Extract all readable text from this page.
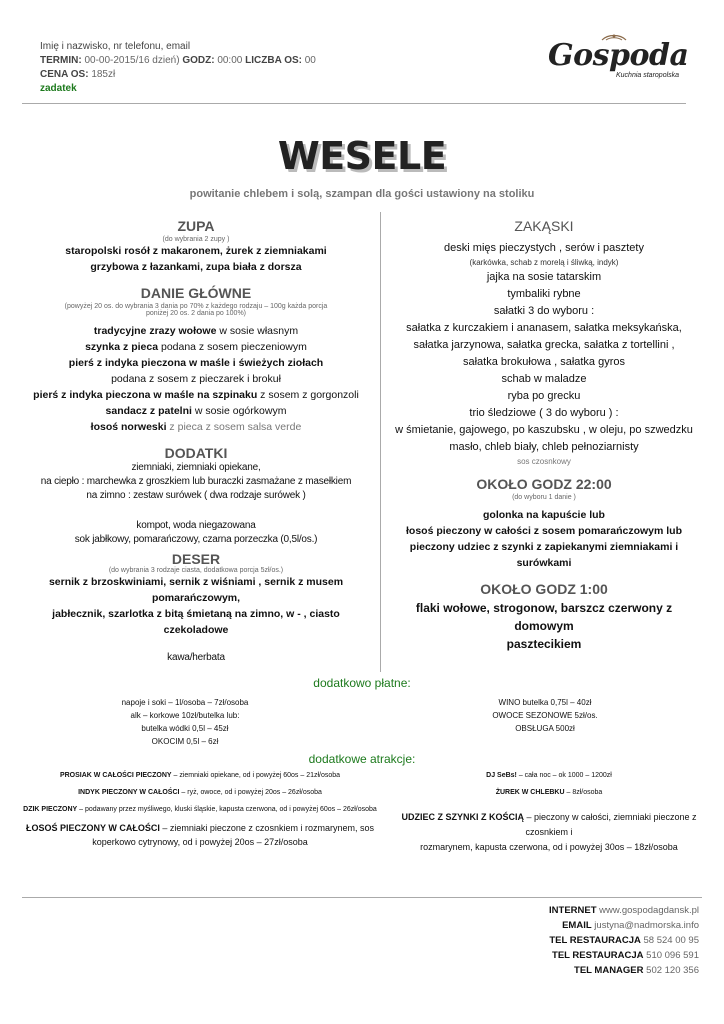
Imię i nazwisko, nr telefonu, email
TERMIN: 00-00-2015/16 dzień) GODZ: 00:00 LICZBA OS: 00
CENA OS: 185zł
zadatek
Gospoda
Kuchnia staropolska
WESELE
powitanie chlebem i solą, szampan dla gości ustawiony na stoliku
ZUPA
(do wybrania 2 zupy )
staropolski rosół z makaronem, żurek z ziemniakami
grzybowa z łazankami, zupa biała z dorsza
DANIE GŁÓWNE
(powyżej 20 os. do wybrania 3 dania po 70% z każdego rodzaju – 100g każda porcja
poniżej 20 os. 2 dania po 100%)
tradycyjne zrazy wołowe w sosie własnym
szynka z pieca podana z sosem pieczeniowym
pierś z indyka pieczona w maśle i świeżych ziołach
podana z sosem z pieczarek i brokuł
pierś z indyka pieczona w maśle na szpinaku z sosem z gorgonzoli
sandacz z patelni w sosie ogórkowym
łosoś norweski z pieca z sosem salsa verde
DODATKI
ziemniaki, ziemniaki opiekane,
na ciepło : marchewka z groszkiem lub buraczki zasmażane z masełkiem
na zimno : zestaw surówek ( dwa rodzaje surówek )
kompot, woda niegazowana
sok jabłkowy, pomarańczowy, czarna porzeczka (0,5l/os.)
DESER
(do wybrania 3 rodzaje ciasta, dodatkowa porcja 5zł/os.)
sernik z brzoskwiniami, sernik z wiśniami , sernik z musem pomarańczowym,
jabłecznik, szarlotka z bitą śmietaną na zimno, w - , ciasto czekoladowe
kawa/herbata
ZAKĄSKI
deski mięs pieczystych , serów i pasztety
(karkówka, schab z morelą i śliwką, indyk)
jajka na sosie tatarskim
tymbaliki rybne
sałatki 3 do wyboru :
sałatka z kurczakiem i ananasem, sałatka meksykańska,
sałatka jarzynowa, sałatka grecka, sałatka z tortellini ,
sałatka brokułowa , sałatka gyros
schab w maladze
ryba po grecku
trio śledziowe ( 3 do wyboru ) :
w śmietanie, gajowego, po kaszubsku , w oleju, po szwedzku
masło, chleb biały, chleb pełnoziarnisty
sos czosnkowy
OKOŁO GODZ 22:00
(do wyboru 1 danie )
golonka na kapuście lub
łosoś pieczony w całości z sosem pomarańczowym lub
pieczony udziec z szynki z zapiekanymi ziemniakami i surówkami
OKOŁO GODZ 1:00
flaki wołowe, strogonow, barszcz czerwony z domowym
pasztecikiem
dodatkowo płatne:
napoje i soki – 1l/osoba – 7zł/osoba
alk – korkowe 10zł/butelka lub:
butelka wódki 0,5l – 45zł
OKOCIM 0,5l – 6zł
WINO butelka 0,75l – 40zł
OWOCE SEZONOWE 5zł/os.
OBSŁUGA 500zł
dodatkowe atrakcje:
PROSIAK W CAŁOŚCI PIECZONY – ziemniaki opiekane, od i powyżej 60os – 21zł/osoba
INDYK PIECZONY W CAŁOŚCI – ryż, owoce, od i powyżej 20os – 26zł/osoba
DZIK PIECZONY – podawany przez myśliwego, kluski śląskie, kapusta czerwona, od i powyżej 60os – 26zł/osoba
ŁOSOŚ PIECZONY W CAŁOŚCI – ziemniaki pieczone z czosnkiem i rozmarynem, sos
koperkowo cytrynowy, od i powyżej 20os – 27zł/osoba
DJ SeBs! – cała noc – ok 1000 – 1200zł
ŻUREK W CHLEBKU – 8zł/osoba
UDZIEC Z SZYNKI Z KOŚCIĄ – pieczony w całości, ziemniaki pieczone z czosnkiem i
rozmarynem, kapusta czerwona, od i powyżej 30os – 18zł/osoba
INTERNET www.gospodagdansk.pl
EMAIL justyna@nadmorska.info
TEL RESTAURACJA 58 524 00 95
TEL RESTAURACJA 510 096 591
TEL MANAGER 502 120 356
